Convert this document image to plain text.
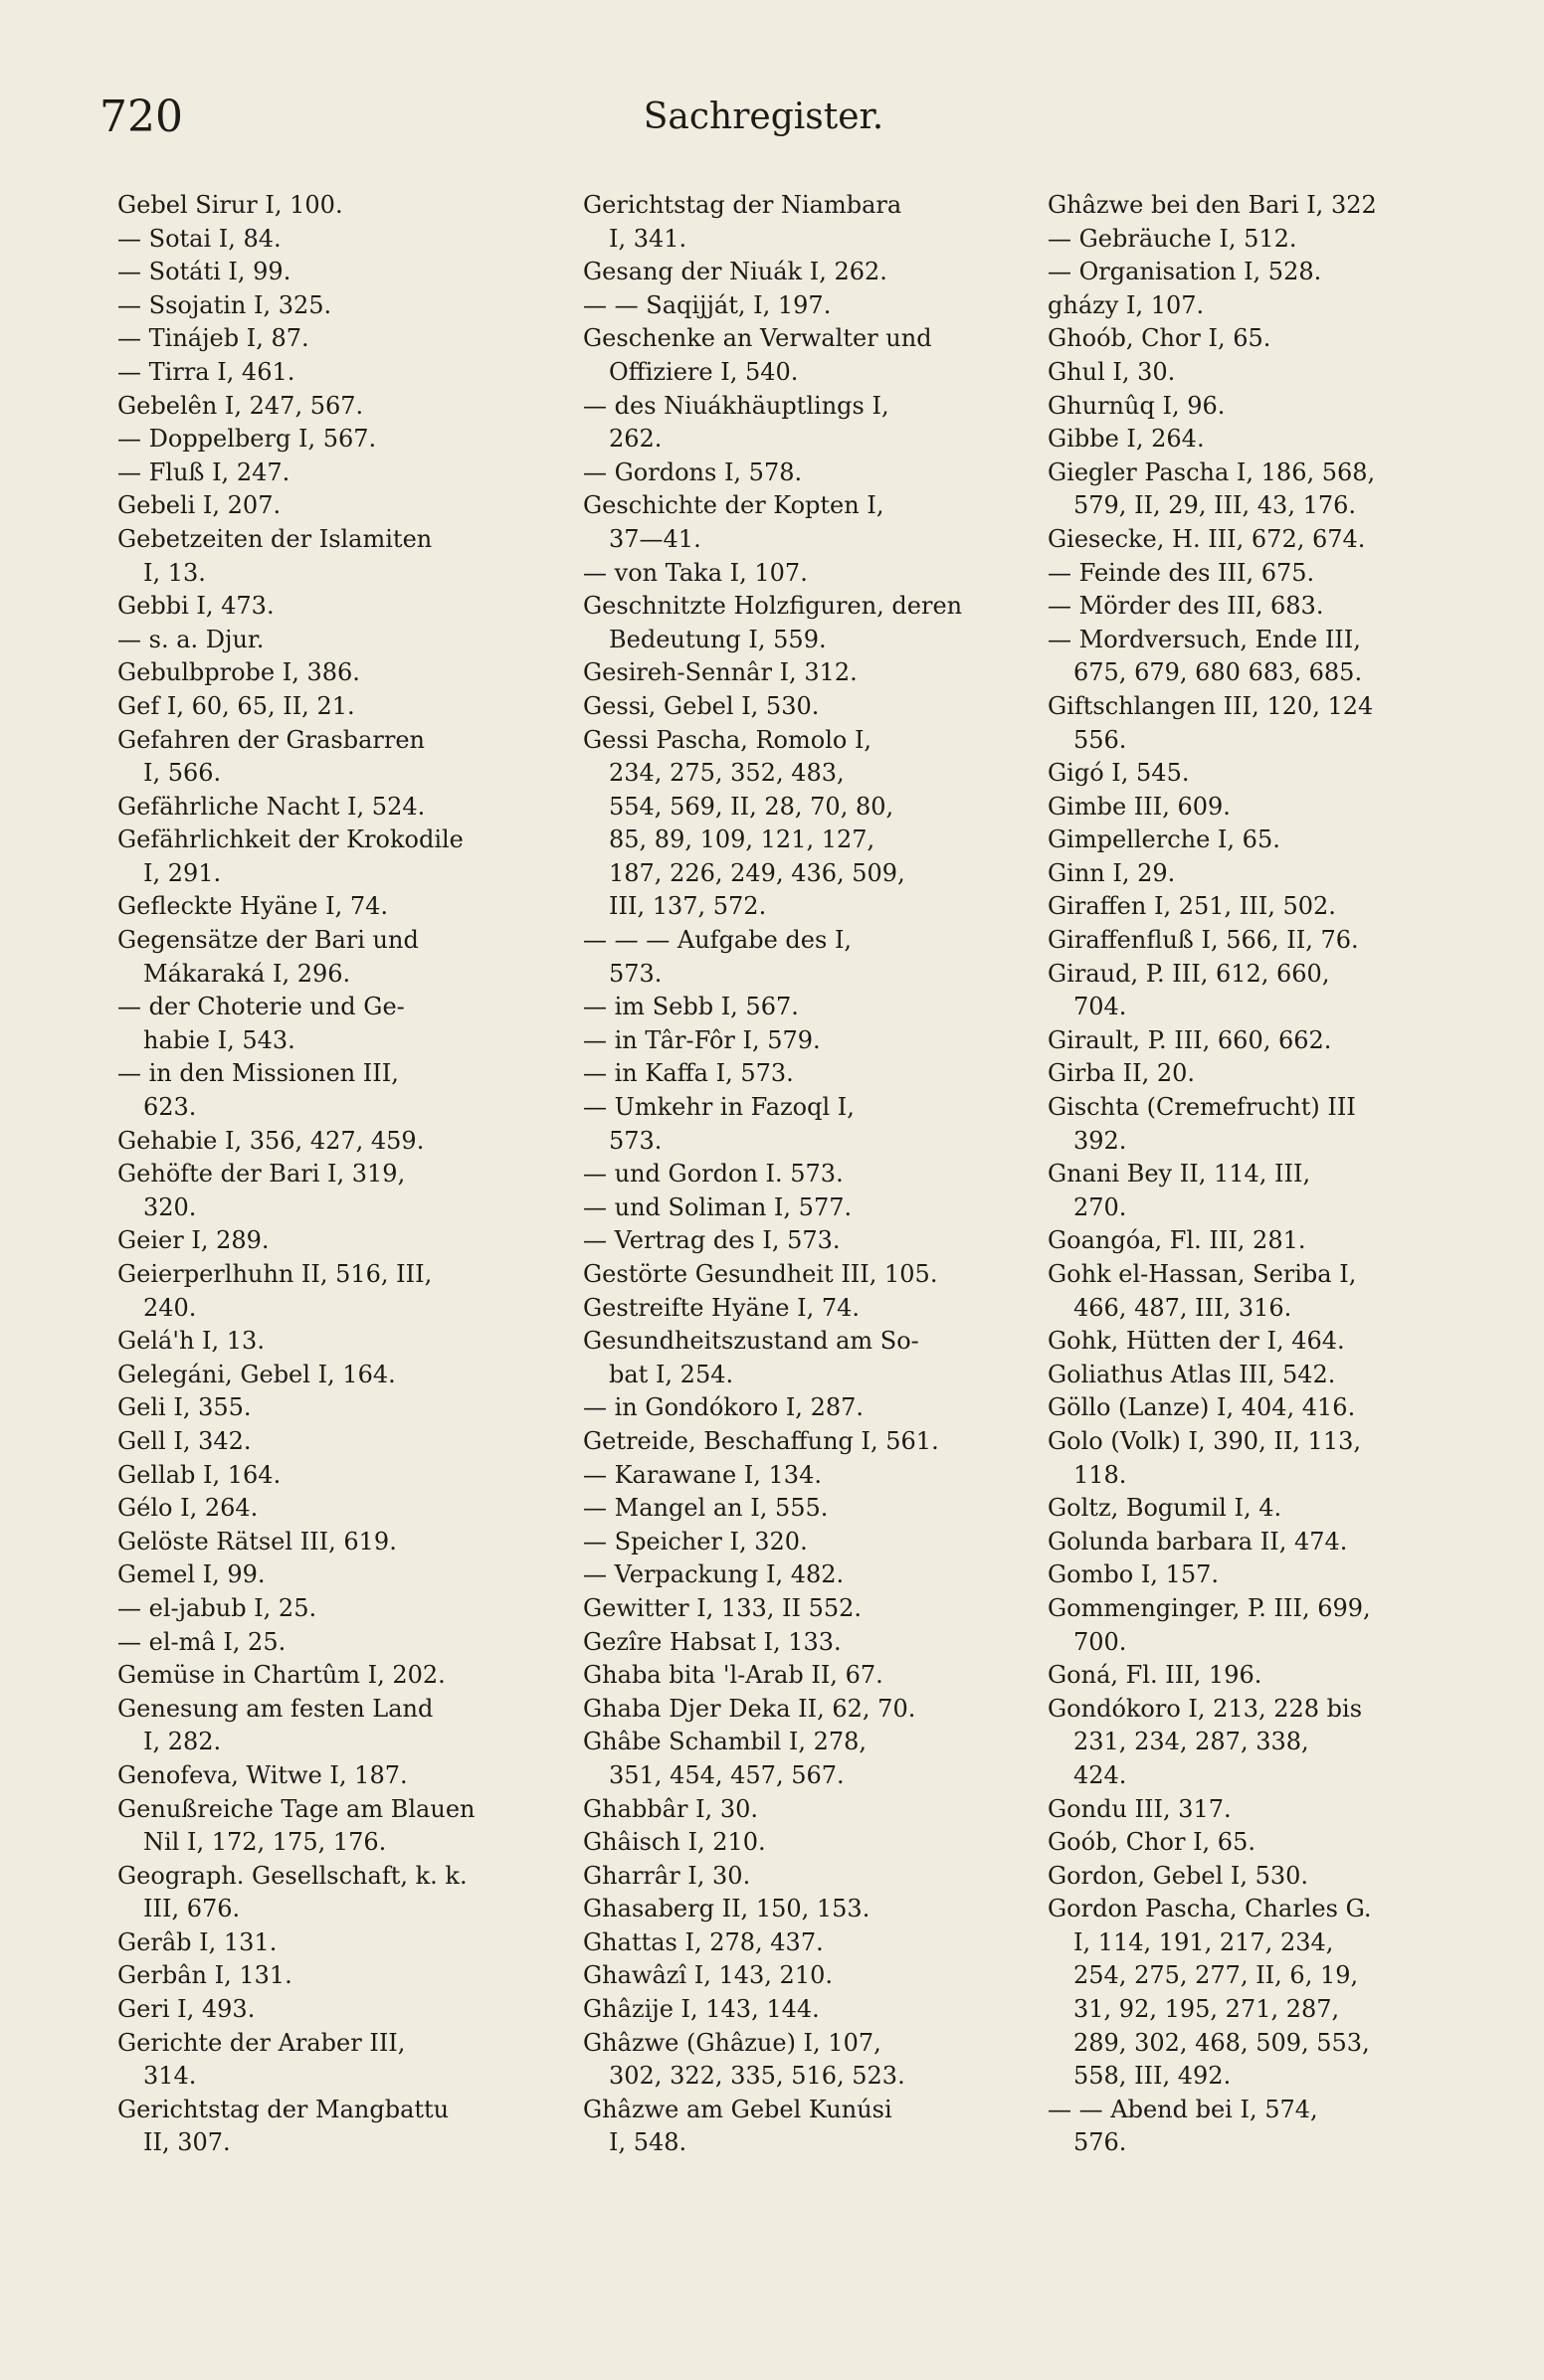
720	Sachregister.
Gebel Sirur I, 100.
— Sotai I, 84.
— Sotáti I, 99.
— Ssojatin I, 325.
— Tinájeb I, 87.
— Tirra I, 461.
Gebelên I, 247, 567.
— Doppelberg I, 567.
— Fluß I, 247.
Gebeli I, 207.
Gebetzeiten der Islamiten
I, 13.
Gebbi I, 473.
— s. a. Djur.
Gebulbprobe I, 386.
Gef I, 60, 65, II, 21.
Gefahren der Grasbarren
I, 566.
Gefährliche Nacht I, 524.
Gefährlichkeit der Krokodile
I, 291.
Gefleckte Hyäne I, 74.
Gegensätze der Bari und
Mákaraká I, 296.
— der Choterie und Ge-
habie I, 543.
— in den Missionen III,
623.
Gehabie I, 356, 427, 459.
Gehöfte der Bari I, 319,
320.
Geier I, 289.
Geierperlhuhn II, 516, III,
240.
Gelá'h I, 13.
Gelegáni, Gebel I, 164.
Geli I, 355.
Gell I, 342.
Gellab I, 164.
Gélo I, 264.
Gelöste Rätsel III, 619.
Gemel I, 99.
— el-jabub I, 25.
— el-mâ I, 25.
Gemüse in Chartûm I, 202.
Genesung am festen Land
I, 282.
Genofeva, Witwe I, 187.
Genußreiche Tage am Blauen
Nil I, 172, 175, 176.
Geograph. Gesellschaft, k. k.
III, 676.
Gerâb I, 131.
Gerbân I, 131.
Geri I, 493.
Gerichte der Araber III,
314.
Gerichtstag der Mangbattu
II, 307.
Gerichtstag der Niambara
I, 341.
Gesang der Niuák I, 262.
— — Saqijját, I, 197.
Geschenke an Verwalter und
Offiziere I, 540.
— des Niuákhäuptlings I,
262.
— Gordons I, 578.
Geschichte der Kopten I,
37—41.
— von Taka I, 107.
Geschnitzte Holzfiguren, deren
Bedeutung I, 559.
Gesireh-Sennâr I, 312.
Gessi, Gebel I, 530.
Gessi Pascha, Romolo I,
234, 275, 352, 483,
554, 569, II, 28, 70, 80,
85, 89, 109, 121, 127,
187, 226, 249, 436, 509,
III, 137, 572.
— — — Aufgabe des I,
573.
— im Sebb I, 567.
— in Târ-Fôr I, 579.
— in Kaffa I, 573.
— Umkehr in Fazoql I,
573.
— und Gordon I. 573.
— und Soliman I, 577.
— Vertrag des I, 573.
Gestörte Gesundheit III, 105.
Gestreifte Hyäne I, 74.
Gesundheitszustand am So-
bat I, 254.
— in Gondókoro I, 287.
Getreide, Beschaffung I, 561.
— Karawane I, 134.
— Mangel an I, 555.
— Speicher I, 320.
— Verpackung I, 482.
Gewitter I, 133, II 552.
Gezîre Habsat I, 133.
Ghaba bita 'l-Arab II, 67.
Ghaba Djer Deka II, 62, 70.
Ghâbe Schambil I, 278,
351, 454, 457, 567.
Ghabbâr I, 30.
Ghâisch I, 210.
Gharrâr I, 30.
Ghasaberg II, 150, 153.
Ghattas I, 278, 437.
Ghawâzî I, 143, 210.
Ghâzije I, 143, 144.
Ghâzwe (Ghâzue) I, 107,
302, 322, 335, 516, 523.
Ghâzwe am Gebel Kunúsi
I, 548.
Ghâzwe bei den Bari I, 322
— Gebräuche I, 512.
— Organisation I, 528.
gházy I, 107.
Ghoób, Chor I, 65.
Ghul I, 30.
Ghurnûq I, 96.
Gibbe I, 264.
Giegler Pascha I, 186, 568,
579, II, 29, III, 43, 176.
Giesecke, H. III, 672, 674.
— Feinde des III, 675.
— Mörder des III, 683.
— Mordversuch, Ende III,
675, 679, 680 683, 685.
Giftschlangen III, 120, 124
556.
Gigó I, 545.
Gimbe III, 609.
Gimpellerche I, 65.
Ginn I, 29.
Giraffen I, 251, III, 502.
Giraffenfluß I, 566, II, 76.
Giraud, P. III, 612, 660,
704.
Girault, P. III, 660, 662.
Girba II, 20.
Gischta (Cremefrucht) III
392.
Gnani Bey II, 114, III,
270.
Goangóa, Fl. III, 281.
Gohk el-Hassan, Seriba I,
466, 487, III, 316.
Gohk, Hütten der I, 464.
Goliathus Atlas III, 542.
Göllo (Lanze) I, 404, 416.
Golo (Volk) I, 390, II, 113,
118.
Goltz, Bogumil I, 4.
Golunda barbara II, 474.
Gombo I, 157.
Gommenginger, P. III, 699,
700.
Goná, Fl. III, 196.
Gondókoro I, 213, 228 bis
231, 234, 287, 338,
424.
Gondu III, 317.
Goób, Chor I, 65.
Gordon, Gebel I, 530.
Gordon Pascha, Charles G.
I, 114, 191, 217, 234,
254, 275, 277, II, 6, 19,
31, 92, 195, 271, 287,
289, 302, 468, 509, 553,
558, III, 492.
— — Abend bei I, 574,
576.
